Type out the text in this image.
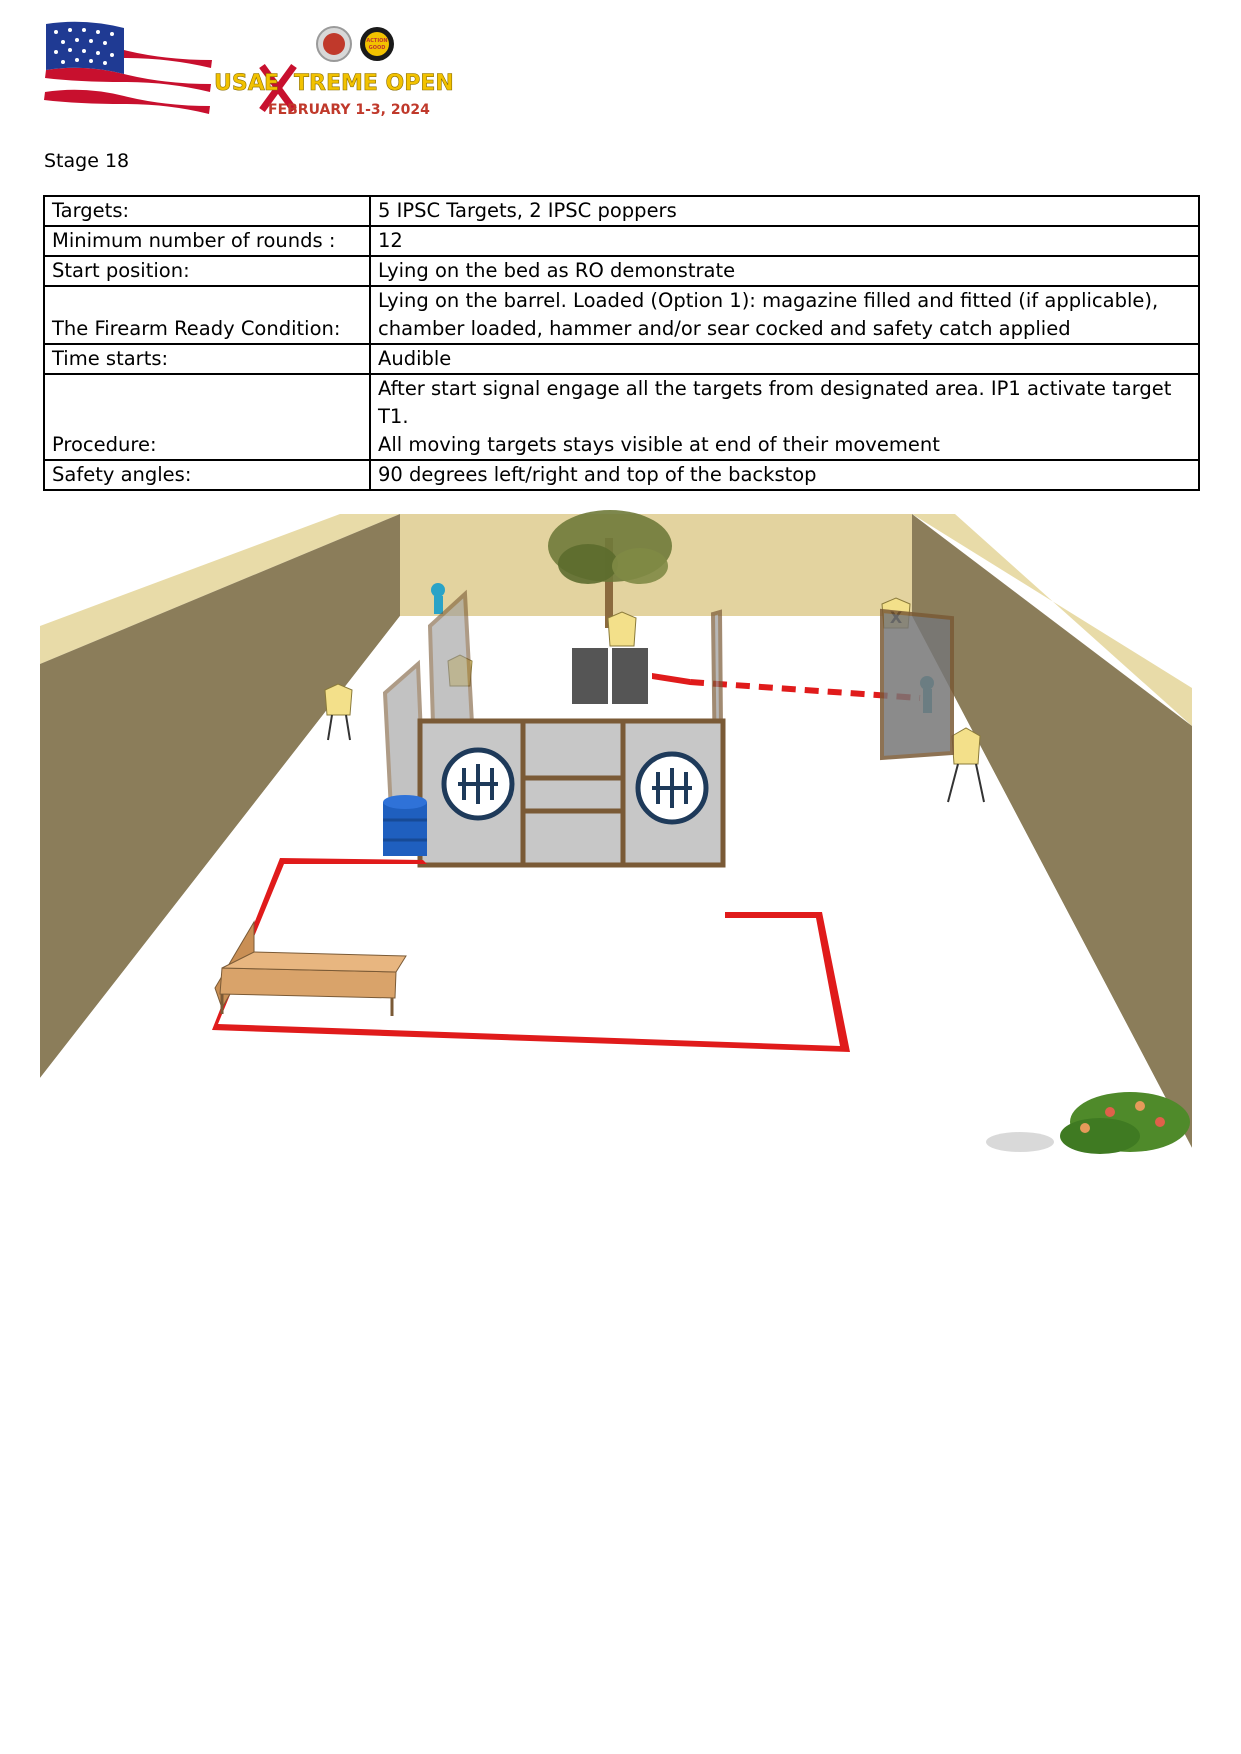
ACTION
GOOD
USA E TREME OPEN
FEBRUARY 1-3, 2024
Stage 18
Targets:	5 IPSC Targets, 2 IPSC poppers

Minimum number of rounds :	12

Start position:	Lying on the bed as RO demonstrate

The Firearm Ready Condition:	Lying on the barrel. Loaded (Option 1): magazine filled and fitted (if applicable),
chamber loaded, hammer and/or sear cocked and safety catch applied

Time starts:	Audible

Procedure:	After start signal engage all the targets from designated area. IP1 activate target T1.
All moving targets stays visible at end of their movement

Safety angles:	90 degrees left/right and top of the backstop
